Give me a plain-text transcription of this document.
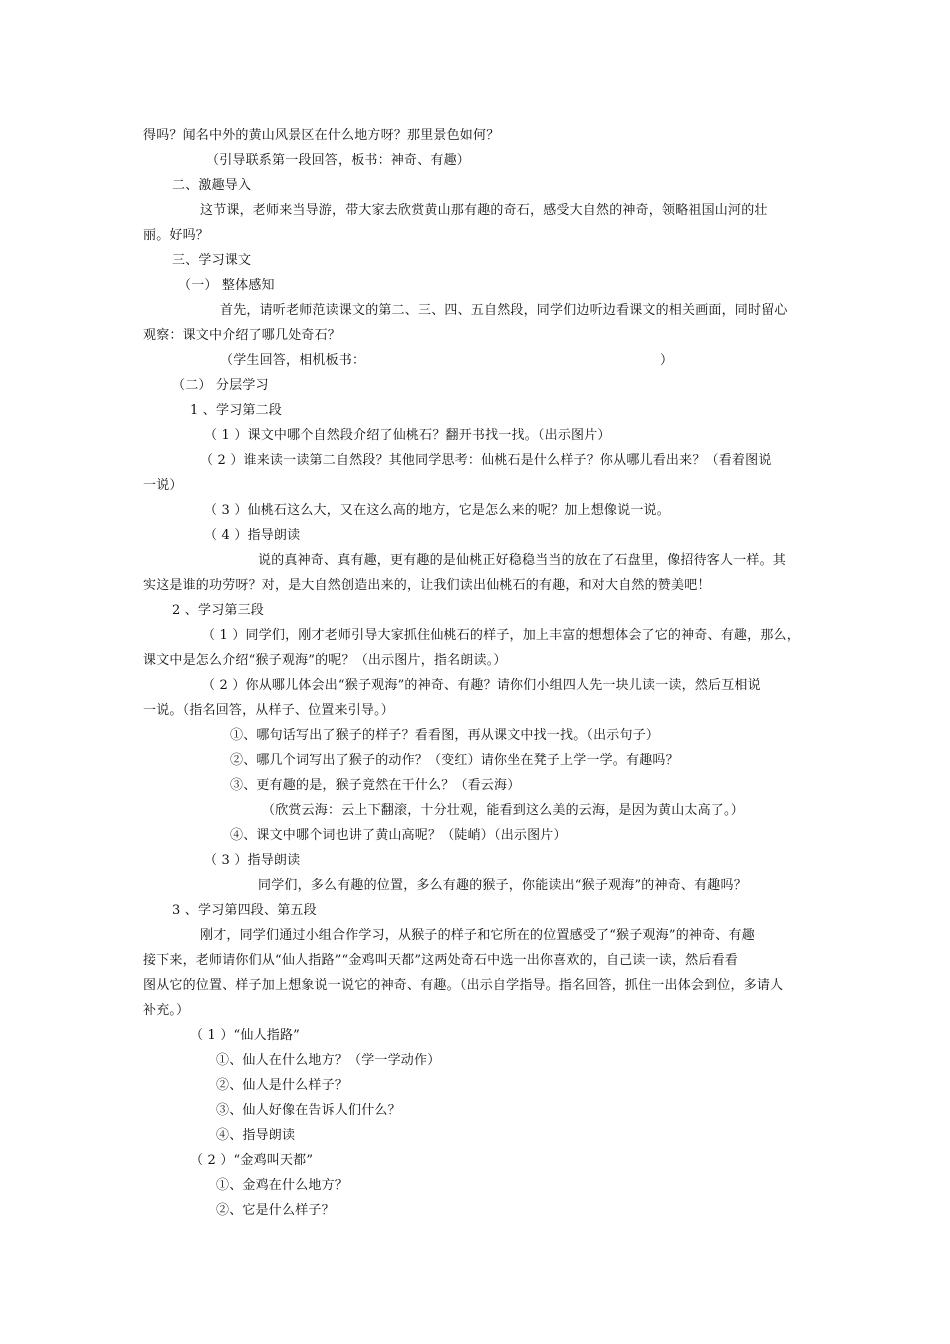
得吗？闻名中外的黄山风景区在什么地方呀？那里景色如何？
（引导联系第一段回答，板书：神奇、有趣）
二、激趣导入
这节课，老师来当导游，带大家去欣赏黄山那有趣的奇石，感受大自然的神奇，领略祖国山河的壮
丽。好吗？
三、学习课文
（一） 整体感知
首先，请听老师范读课文的第二、三、四、五自然段，同学们边听边看课文的相关画面，同时留心
观察：课文中介绍了哪几处奇石？
（学生回答，相机板书：	）
（二） 分层学习
1 、学习第二段
（ 1 ）课文中哪个自然段介绍了仙桃石？翻开书找一找。（出示图片）
（ 2 ）谁来读一读第二自然段？其他同学思考：仙桃石是什么样子？你从哪儿看出来？（看着图说
一说）
（ 3 ）仙桃石这么大，又在这么高的地方，它是怎么来的呢？加上想像说一说。
（ 4 ）指导朗读
说的真神奇、真有趣，更有趣的是仙桃正好稳稳当当的放在了石盘里，像招待客人一样。其
实这是谁的功劳呀？对，是大自然创造出来的，让我们读出仙桃石的有趣，和对大自然的赞美吧！
2 、学习第三段
（ 1 ）同学们，刚才老师引导大家抓住仙桃石的样子，加上丰富的想想体会了它的神奇、有趣，那么，
课文中是怎么介绍“猴子观海”的呢？（出示图片，指名朗读。）
（ 2 ）你从哪儿体会出“猴子观海”的神奇、有趣？请你们小组四人先一块儿读一读，然后互相说
一说。（指名回答，从样子、位置来引导。）
①、哪句话写出了猴子的样子？看看图，再从课文中找一找。（出示句子）
②、哪几个词写出了猴子的动作？（变红）请你坐在凳子上学一学。有趣吗？
③、更有趣的是，猴子竟然在干什么？（看云海）
（欣赏云海：云上下翻滚，十分壮观，能看到这么美的云海，是因为黄山太高了。）
④、课文中哪个词也讲了黄山高呢？（陡峭）（出示图片）
（ 3 ）指导朗读
同学们，多么有趣的位置，多么有趣的猴子，你能读出“猴子观海”的神奇、有趣吗？
3 、学习第四段、第五段
刚才，同学们通过小组合作学习，从猴子的样子和它所在的位置感受了“猴子观海”的神奇、有趣
接下来，老师请你们从“仙人指路”“金鸡叫天都”这两处奇石中选一出你喜欢的，自己读一读，然后看看
图从它的位置、样子加上想象说一说它的神奇、有趣。（出示自学指导。指名回答，抓住一出体会到位，多请人
补充。）
（ 1 ）“仙人指路”
①、仙人在什么地方？（学一学动作）
②、仙人是什么样子？
③、仙人好像在告诉人们什么？
④、指导朗读
（ 2 ）“金鸡叫天都”
①、金鸡在什么地方？
②、它是什么样子？
